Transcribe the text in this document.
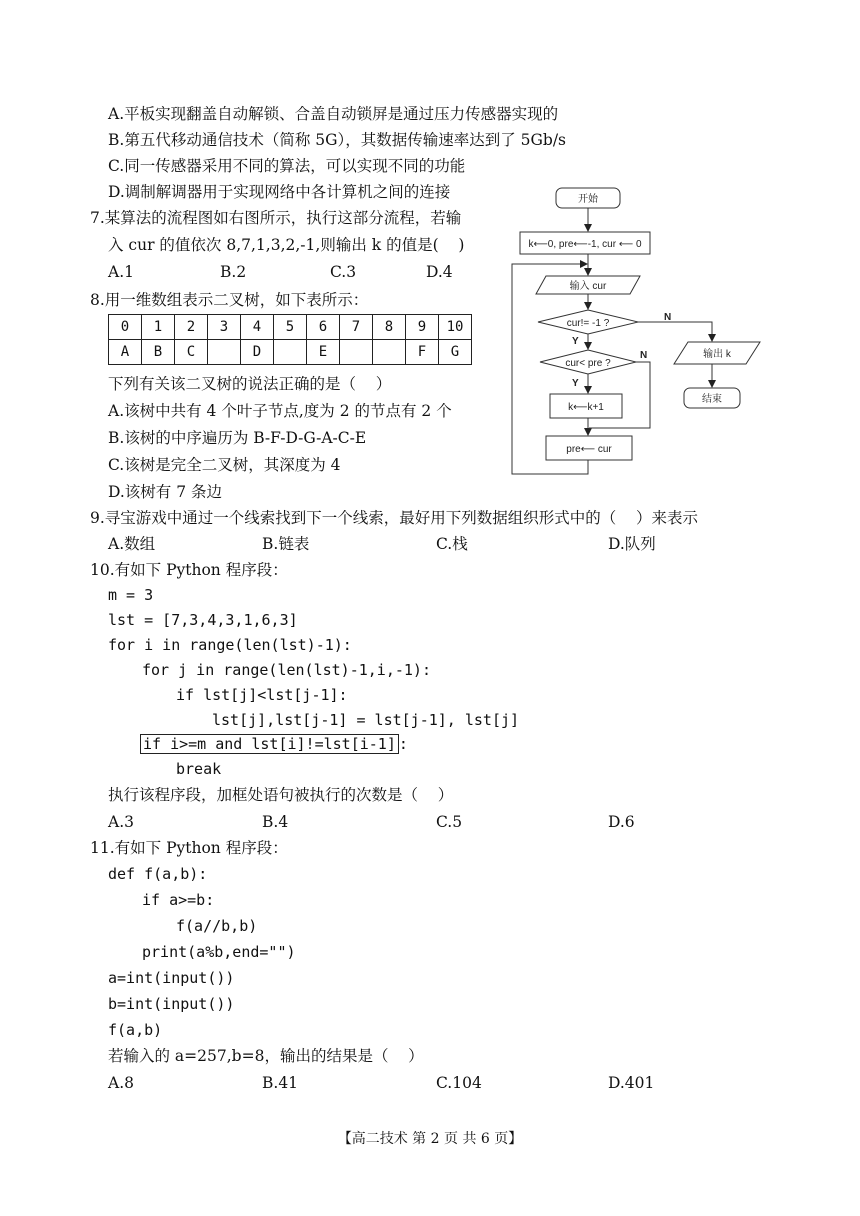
A.平板实现翻盖自动解锁、合盖自动锁屏是通过压力传感器实现的
B.第五代移动通信技术（简称 5G），其数据传输速率达到了 5Gb/s
C.同一传感器采用不同的算法，可以实现不同的功能
D.调制解调器用于实现网络中各计算机之间的连接
7.某算法的流程图如右图所示，执行这部分流程，若输
入 cur 的值依次 8,7,1,3,2,-1,则输出 k 的值是(    )
A.1	B.2	C.3	D.4
开始
k⟵0, pre⟵-1, cur ⟵ 0
输入 cur
cur!= -1 ?
cur< pre ?
k⟵k+1
pre⟵ cur
输出 k
结束
Y
Y
N
N
8.用一维数组表示二叉树，如下表所示：
0	1	2	3	4	5	6	7	8	9	10
A	B	C		D		E			F	G
下列有关该二叉树的说法正确的是（    ）
A.该树中共有 4 个叶子节点,度为 2 的节点有 2 个
B.该树的中序遍历为 B-F-D-G-A-C-E
C.该树是完全二叉树，其深度为 4
D.该树有 7 条边
9.寻宝游戏中通过一个线索找到下一个线索，最好用下列数据组织形式中的（    ）来表示
A.数组	B.链表	C.栈	D.队列
10.有如下 Python 程序段：
m = 3
lst = [7,3,4,3,1,6,3]
for i in range(len(lst)-1):
for j in range(len(lst)-1,i,-1):
if lst[j]<lst[j-1]:
lst[j],lst[j-1] = lst[j-1], lst[j]
if i>=m and lst[i]!=lst[i-1] :
break
执行该程序段，加框处语句被执行的次数是（    ）
A.3	B.4	C.5	D.6
11.有如下 Python 程序段：
def f(a,b):
if a>=b:
f(a//b,b)
print(a%b,end="")
a=int(input())
b=int(input())
f(a,b)
若输入的 a=257,b=8，输出的结果是（    ）
A.8	B.41	C.104	D.401
【高二技术 第 2 页 共 6 页】
